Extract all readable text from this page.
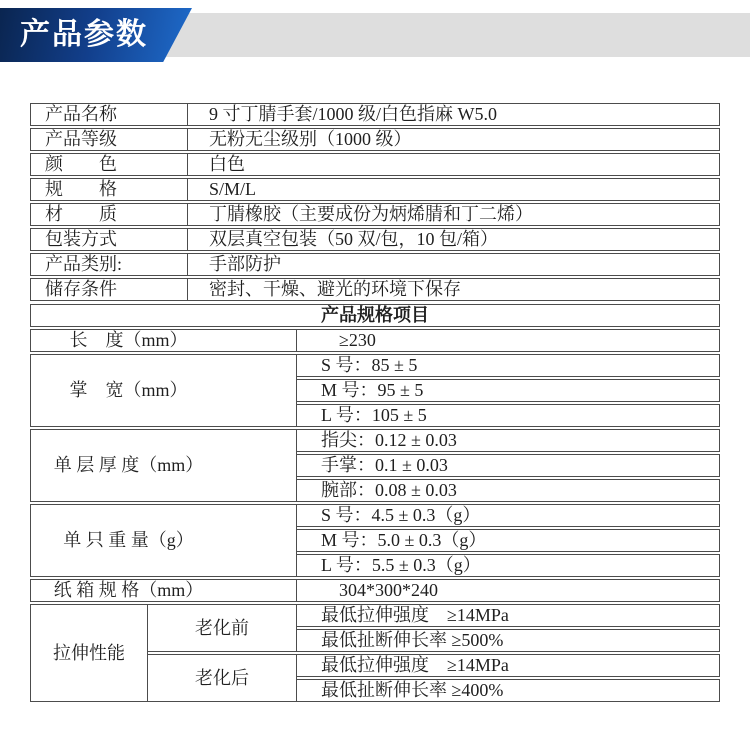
产品参数
产品名称	9 寸丁腈手套/1000 级/白色指麻 W5.0
产品等级	无粉无尘级别（1000 级）
颜　　色	白色
规　　格	S/M/L
材　　质	丁腈橡胶（主要成份为炳烯腈和丁二烯）
包装方式	双层真空包装（50 双/包，10 包/箱）
产品类别:	手部防护
储存条件	密封、干燥、避光的环境下保存
产品规格项目		
长　度（mm）		≥230
掌　宽（mm）		S 号：85 ± 5
		M 号：95 ± 5
		L 号：105 ± 5
单 层 厚 度（mm）		指尖：0.12 ± 0.03
		手掌：0.1 ± 0.03
		腕部：0.08 ± 0.03
单 只 重 量（g）		S 号：4.5 ± 0.3（g）
		M 号：5.0 ± 0.3（g）
		L 号：5.5 ± 0.3（g）
纸 箱 规 格（mm）		304*300*240
拉伸性能	老化前	最低拉伸强度　≥14MPa
		最低扯断伸长率 ≥500%
	老化后	最低拉伸强度　≥14MPa
		最低扯断伸长率 ≥400%
